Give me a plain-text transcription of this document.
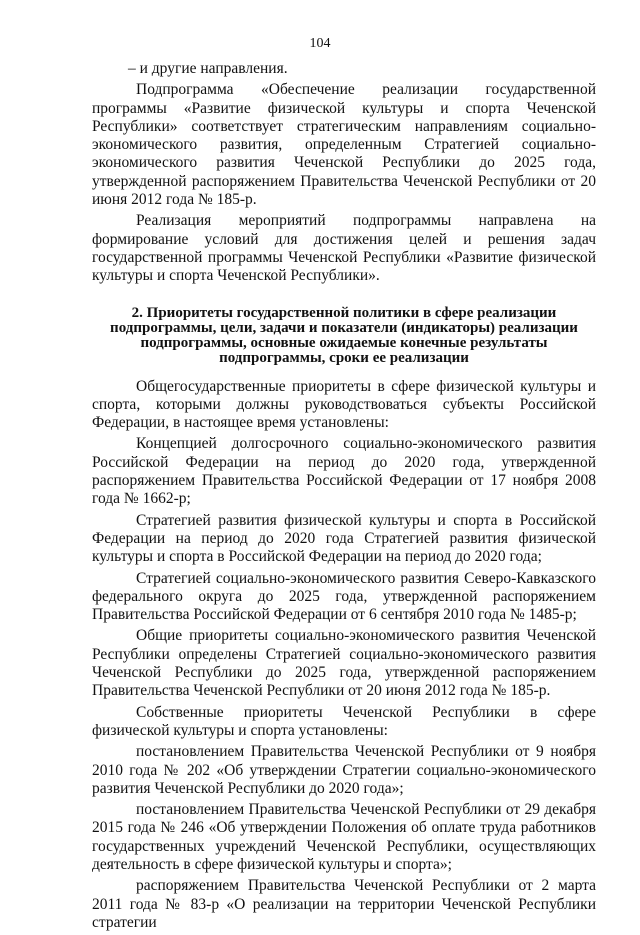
104

– и другие направления.

Подпрограмма «Обеспечение реализации государственной программы «Развитие физической культуры и спорта Чеченской Республики» соответствует стратегическим направлениям социально-экономического развития, определенным Стратегией социально-экономического развития Чеченской Республики до 2025 года, утвержденной распоряжением Правительства Чеченской Республики от 20 июня 2012 года № 185-р.

Реализация мероприятий подпрограммы направлена на формирование условий для достижения целей и решения задач государственной программы Чеченской Республики «Развитие физической культуры и спорта Чеченской Республики».

2. Приоритеты государственной политики в сфере реализации подпрограммы, цели, задачи и показатели (индикаторы) реализации подпрограммы, основные ожидаемые конечные результаты подпрограммы, сроки ее реализации

Общегосударственные приоритеты в сфере физической культуры и спорта, которыми должны руководствоваться субъекты Российской Федерации, в настоящее время установлены:

Концепцией долгосрочного социально-экономического развития Российской Федерации на период до 2020 года, утвержденной распоряжением Правительства Российской Федерации от 17 ноября 2008 года № 1662-р;

Стратегией развития физической культуры и спорта в Российской Федерации на период до 2020 года Стратегией развития физической культуры и спорта в Российской Федерации на период до 2020 года;

Стратегией социально-экономического развития Северо-Кавказского федерального округа до 2025 года, утвержденной распоряжением Правительства Российской Федерации от 6 сентября 2010 года № 1485-р;

Общие приоритеты социально-экономического развития Чеченской Республики определены Стратегией социально-экономического развития Чеченской Республики до 2025 года, утвержденной распоряжением Правительства Чеченской Республики от 20 июня 2012 года № 185-р.

Собственные приоритеты Чеченской Республики в сфере физической культуры и спорта установлены:

постановлением Правительства Чеченской Республики от 9 ноября 2010 года № 202 «Об утверждении Стратегии социально-экономического развития Чеченской Республики до 2020 года»;

постановлением Правительства Чеченской Республики от 29 декабря 2015 года № 246 «Об утверждении Положения об оплате труда работников государственных учреждений Чеченской Республики, осуществляющих деятельность в сфере физической культуры и спорта»;

распоряжением Правительства Чеченской Республики от 2 марта 2011 года № 83-р «О реализации на территории Чеченской Республики стратегии
